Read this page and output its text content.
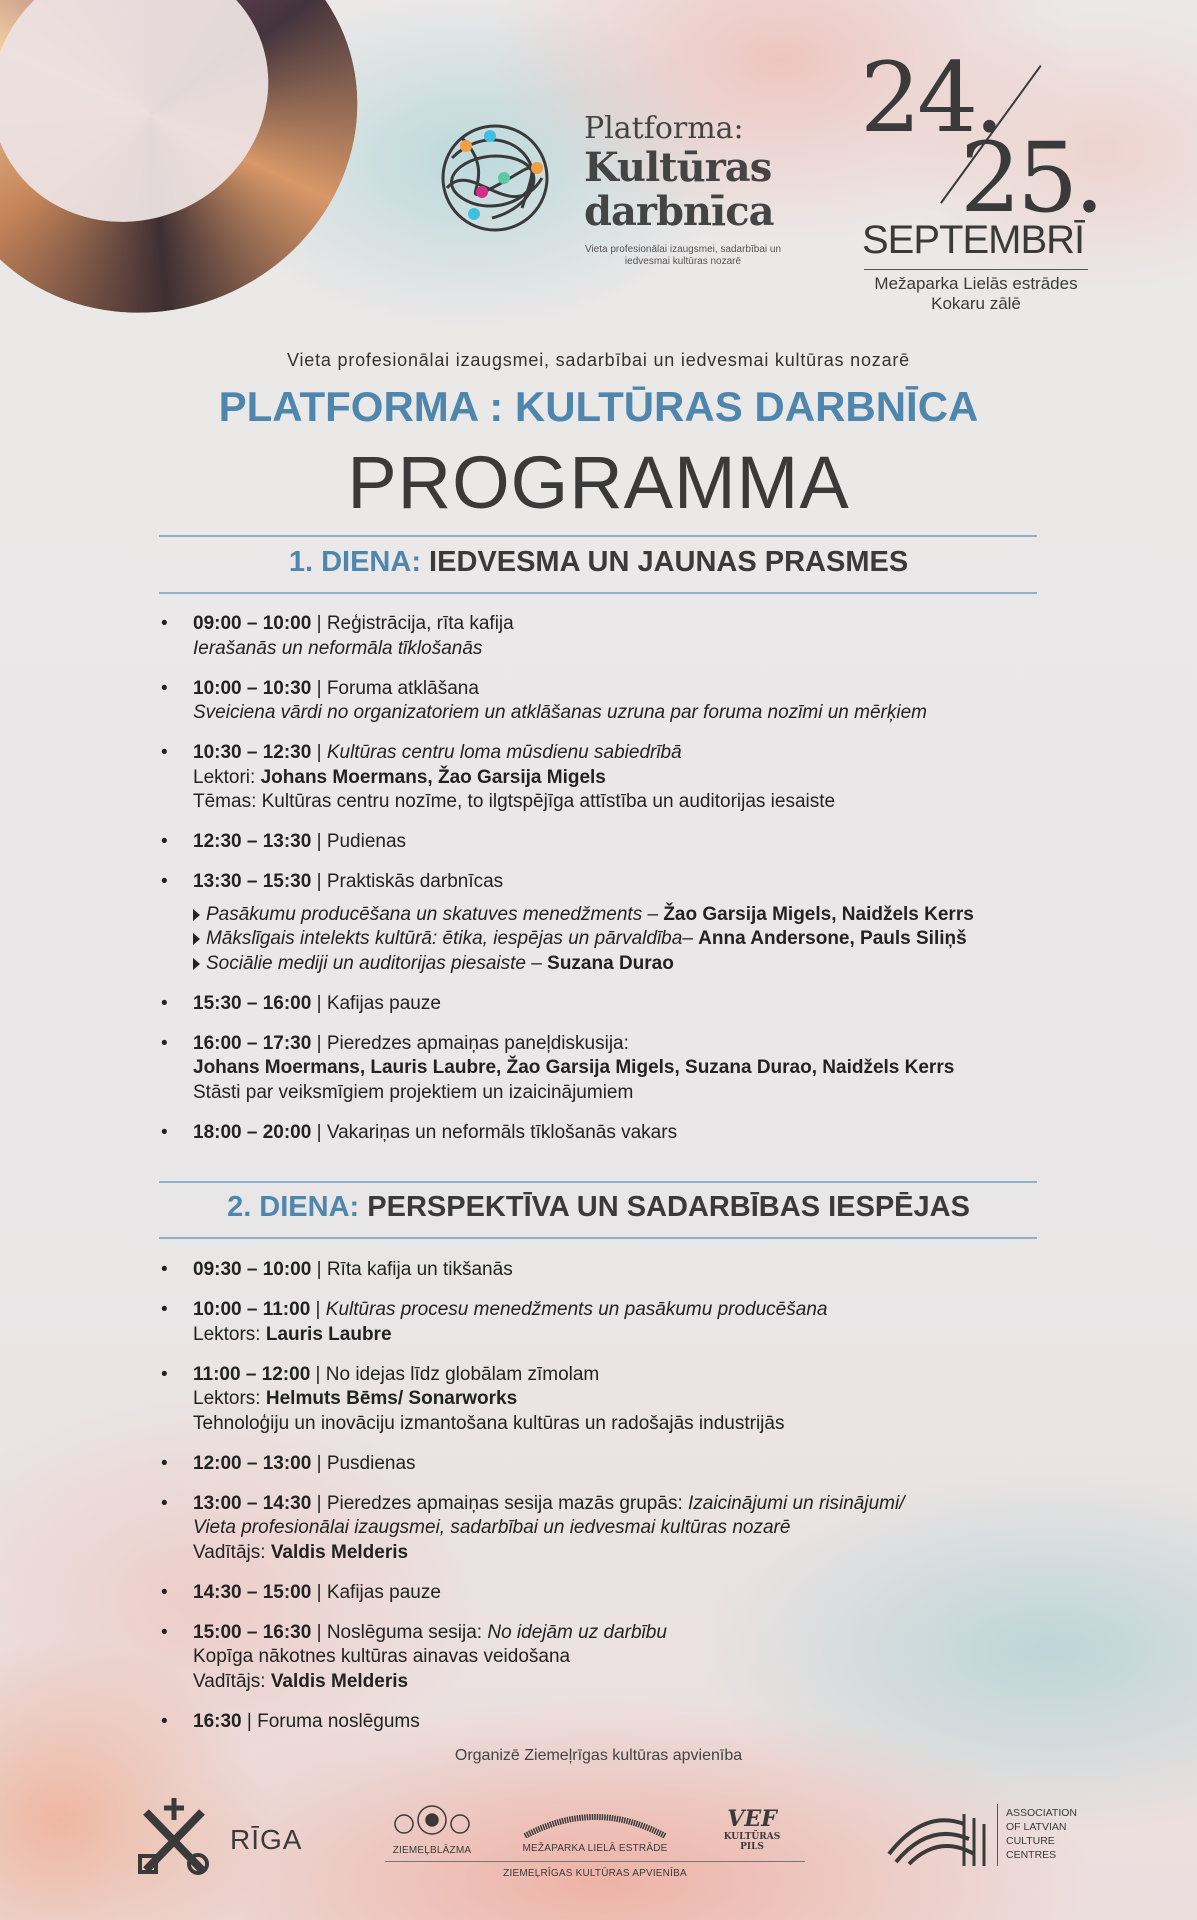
Platforma:
Kultūras
darbnīca
Vieta profesionālai izaugsmei, sadarbībai un iedvesmai kultūras nozarē
24.
25.
SEPTEMBRĪ
Mežaparka Lielās estrādes
Kokaru zālē
Vieta profesionālai izaugsmei, sadarbībai un iedvesmai kultūras nozarē
PLATFORMA : KULTŪRAS DARBNĪCA
PROGRAMMA
1. DIENA: IEDVESMA UN JAUNAS PRASMES
• 09:00 – 10:00 | Reģistrācija, rīta kafija
Ierašanās un neformāla tīklošanās
• 10:00 – 10:30 | Foruma atklāšana
Sveiciena vārdi no organizatoriem un atklāšanas uzruna par foruma nozīmi un mērķiem
• 10:30 – 12:30 | Kultūras centru loma mūsdienu sabiedrībā
Lektori: Johans Moermans, Žao Garsija Migels
Tēmas: Kultūras centru nozīme, to ilgtspējīga attīstība un auditorijas iesaiste
• 12:30 – 13:30 | Pudienas
• 13:30 – 15:30 | Praktiskās darbnīcas
Pasākumu producēšana un skatuves menedžments – Žao Garsija Migels, Naidžels Kerrs
Mākslīgais intelekts kultūrā: ētika, iespējas un pārvaldība– Anna Andersone, Pauls Siliņš
Sociālie mediji un auditorijas piesaiste – Suzana Durao
• 15:30 – 16:00 | Kafijas pauze
• 16:00 – 17:30 | Pieredzes apmaiņas paneļdiskusija:
Johans Moermans, Lauris Laubre, Žao Garsija Migels, Suzana Durao, Naidžels Kerrs
Stāsti par veiksmīgiem projektiem un izaicinājumiem
• 18:00 – 20:00 | Vakariņas un neformāls tīklošanās vakars
2. DIENA: PERSPEKTĪVA UN SADARBĪBAS IESPĒJAS
• 09:30 – 10:00 | Rīta kafija un tikšanās
• 10:00 – 11:00 | Kultūras procesu menedžments un pasākumu producēšana
Lektors: Lauris Laubre
• 11:00 – 12:00 | No idejas līdz globālam zīmolam
Lektors: Helmuts Bēms/ Sonarworks
Tehnoloģiju un inovāciju izmantošana kultūras un radošajās industrijās
• 12:00 – 13:00 | Pusdienas
• 13:00 – 14:30 | Pieredzes apmaiņas sesija mazās grupās: Izaicinājumi un risinājumi/
Vieta profesionālai izaugsmei, sadarbībai un iedvesmai kultūras nozarē
Vadītājs: Valdis Melderis
• 14:30 – 15:00 | Kafijas pauze
• 15:00 – 16:30 | Noslēguma sesija: No idejām uz darbību
Kopīga nākotnes kultūras ainavas veidošana
Vadītājs: Valdis Melderis
• 16:30 | Foruma noslēgums
Organizē Ziemeļrīgas kultūras apvienība
RĪGA	ZIEMEĻBLĀZMA	MEŽAPARKA LIELĀ ESTRĀDE
VEF
KULTŪRAS PILS
ZIEMEĻRĪGAS KULTŪRAS APVIENĪBA
ASSOCIATION
OF LATVIAN
CULTURE
CENTRES
